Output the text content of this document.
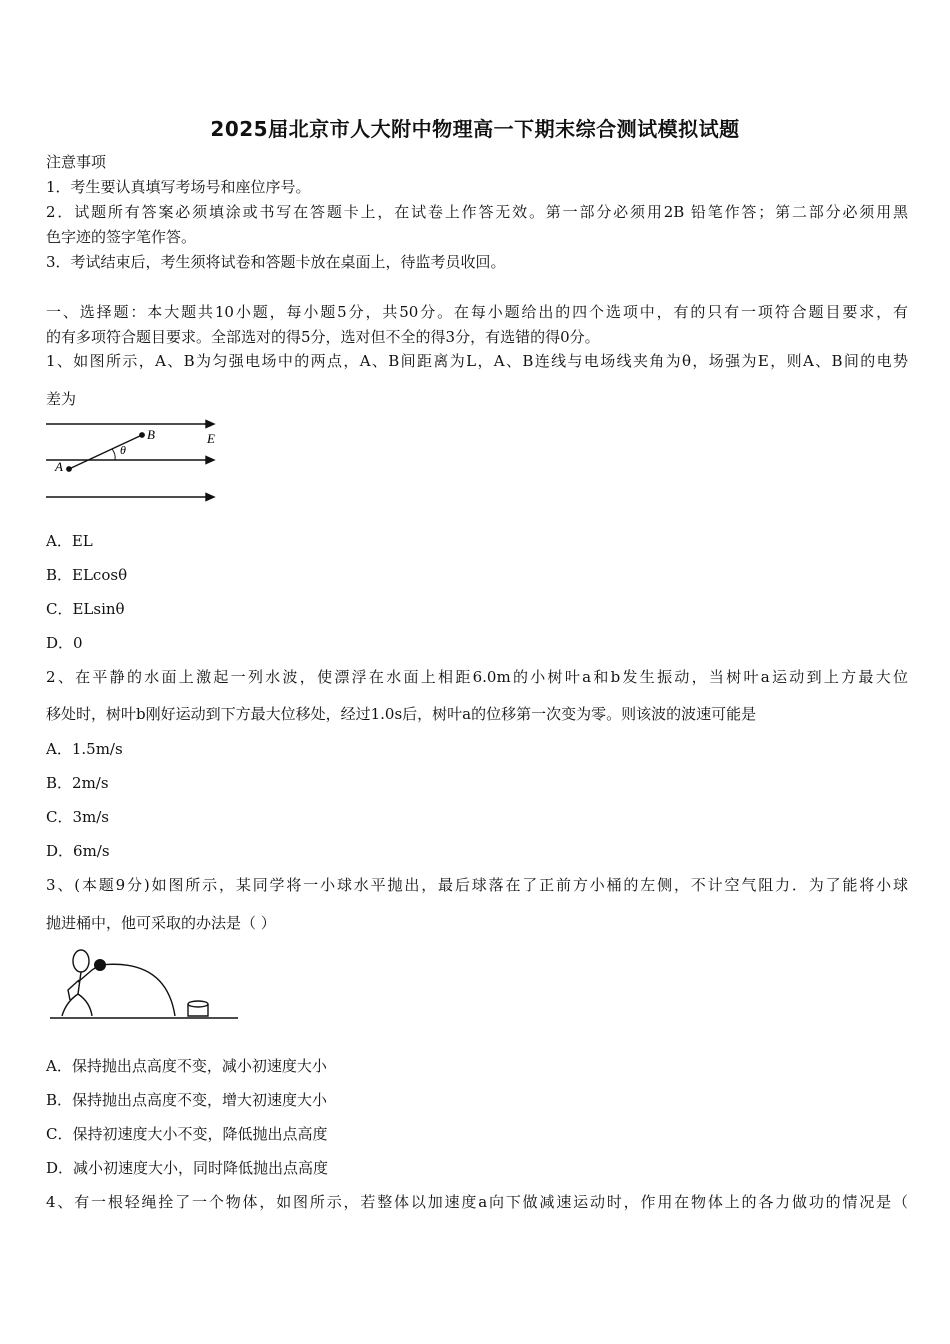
2025届北京市人大附中物理高一下期末综合测试模拟试题
注意事项
1．考生要认真填写考场号和座位序号。
2．试题所有答案必须填涂或书写在答题卡上，在试卷上作答无效。第一部分必须用2B 铅笔作答；第二部分必须用黑
色字迹的签字笔作答。
3．考试结束后，考生须将试卷和答题卡放在桌面上，待监考员收回。
一、选择题：本大题共10小题，每小题5分，共50分。在每小题给出的四个选项中，有的只有一项符合题目要求，有
的有多项符合题目要求。全部选对的得5分，选对但不全的得3分，有选错的得0分。
1、如图所示，A、B为匀强电场中的两点，A、B间距离为L，A、B连线与电场线夹角为θ，场强为E，则A、B间的电势
差为
A
B	E
θ
A．EL
B．ELcosθ
C．ELsinθ
D．0
2、在平静的水面上激起一列水波，使漂浮在水面上相距6.0m的小树叶a和b发生振动，当树叶a运动到上方最大位
移处时，树叶b刚好运动到下方最大位移处，经过1.0s后，树叶a的位移第一次变为零。则该波的波速可能是
A．1.5m/s
B．2m/s
C．3m/s
D．6m/s
3、(本题9分)如图所示，某同学将一小球水平抛出，最后球落在了正前方小桶的左侧，不计空气阻力．为了能将小球
抛进桶中，他可采取的办法是（ ）
A．保持抛出点高度不变，减小初速度大小
B．保持抛出点高度不变，增大初速度大小
C．保持初速度大小不变，降低抛出点高度
D．减小初速度大小，同时降低抛出点高度
4、有一根轻绳拴了一个物体，如图所示，若整体以加速度a向下做减速运动时，作用在物体上的各力做功的情况是（
